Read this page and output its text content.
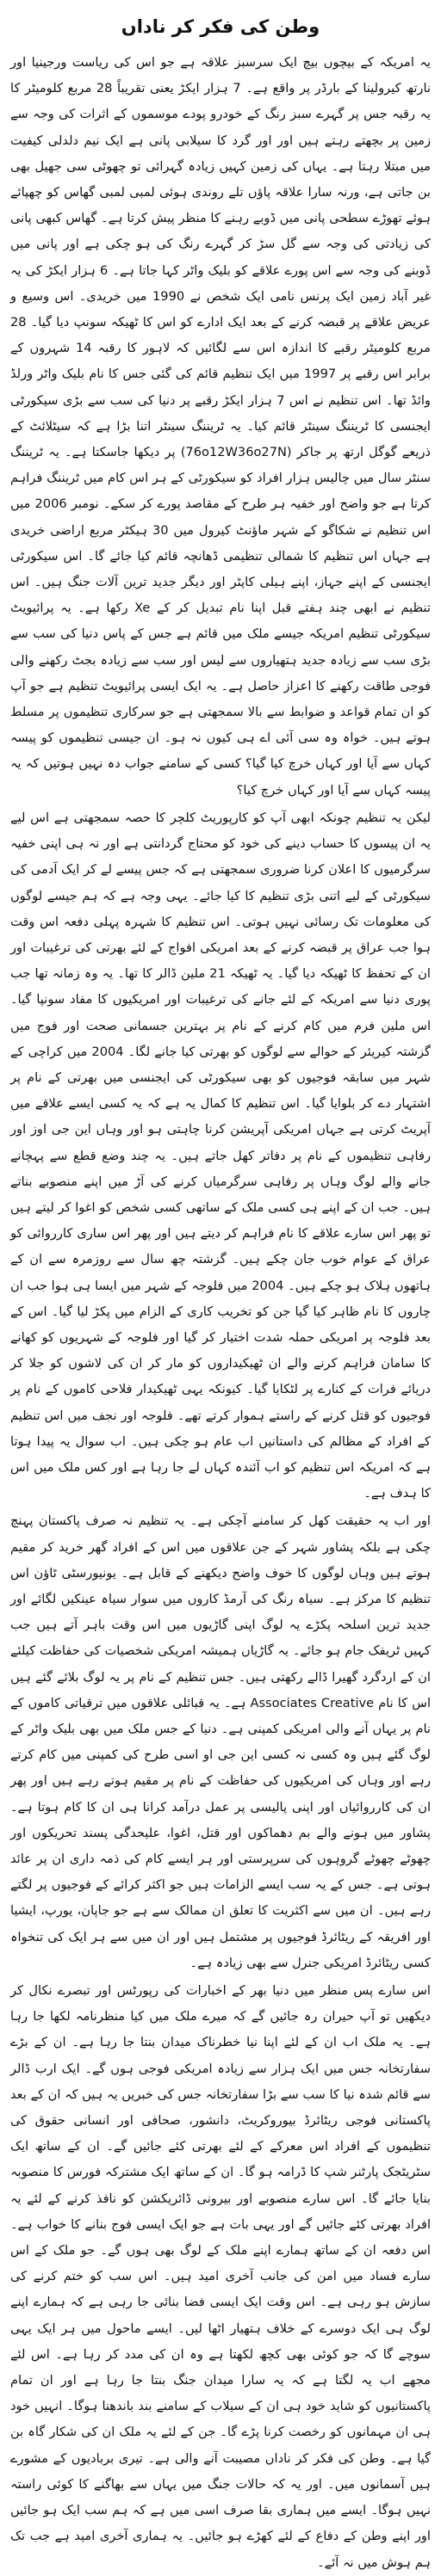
وطن کی فکر کر ناداں

یہ امریکہ کے بیچوں بیچ ایک سرسبز علاقہ ہے جو اس کی ریاست ورجینیا اور نارتھ کیرولینا کے بارڈر پر واقع ہے۔ 7 ہزار ایکڑ یعنی تقریباً 28 مربع کلومیٹر کا یہ رقبہ جس پر گہرے سبز رنگ کے خودرو پودے موسموں کے اثرات کی وجہ سے زمین پر بچھتے رہتے ہیں اور اور گرد کا سیلابی پانی ہے ایک نیم دلدلی کیفیت میں مبتلا رہتا ہے۔ یہاں کی زمین کہیں زیادہ گہرائی تو چھوٹی سی جھیل بھی بن جاتی ہے، ورنہ سارا علاقہ پاؤں تلے روندی ہوئی لمبی لمبی گھاس کو چھپائے ہوئے تھوڑے سطحی پانی میں ڈوبے رہنے کا منظر پیش کرتا ہے۔ گھاس کبھی پانی کی زیادتی کی وجہ سے گل سڑ کر گہرے رنگ کی ہو چکی ہے اور پانی میں ڈوبنے کی وجہ سے اس پورے علاقے کو بلیک واٹر کہا جاتا ہے۔ 6 ہزار ایکڑ کی یہ غیر آباد زمین ایک پرنس نامی ایک شخص نے 1990 میں خریدی۔ اس وسیع و عریض علاقے پر قبضہ کرنے کے بعد ایک ادارے کو اس کا ٹھیکہ سونپ دیا گیا۔ 28 مربع کلومیٹر رقبے کا اندازہ اس سے لگائیں کہ لاہور کا رقبہ 14 شہروں کے برابر اس رقبے پر 1997 میں ایک تنظیم قائم کی گئی جس کا نام بلیک واٹر ورلڈ وائڈ تھا۔ اس تنظیم نے اس 7 ہزار ایکڑ رقبے پر دنیا کی سب سے بڑی سیکورٹی ایجنسی کا ٹریننگ سینٹر قائم کیا۔ یہ ٹریننگ سینٹر اتنا بڑا ہے کہ سیٹلائٹ کے ذریعے گوگل ارتھ پر جاکر (76o12W36o27N) پر دیکھا جاسکتا ہے۔ یہ ٹریننگ سنٹر سال میں چالیس ہزار افراد کو سیکورٹی کے ہر اس کام میں ٹریننگ فراہم کرتا ہے جو واضح اور خفیہ ہر طرح کے مقاصد پورے کر سکے۔ نومبر 2006 میں اس تنظیم نے شکاگو کے شہر ماؤنٹ کیرول میں 30 ہیکٹر مربع اراضی خریدی ہے جہاں اس تنظیم کا شمالی تنظیمی ڈھانچہ قائم کیا جائے گا۔ اس سیکورٹی ایجنسی کے اپنے جہاز، اپنے ہیلی کاپٹر اور دیگر جدید ترین آلات جنگ ہیں۔ اس تنظیم نے ابھی چند ہفتے قبل اپنا نام تبدیل کر کے Xe رکھا ہے۔ یہ پرائیویٹ سیکورٹی تنظیم امریکہ جیسے ملک میں قائم ہے جس کے پاس دنیا کی سب سے بڑی سب سے زیادہ جدید ہتھیاروں سے لیس اور سب سے زیادہ بجٹ رکھنے والی فوجی طاقت رکھنے کا اعزاز حاصل ہے۔ یہ ایک ایسی پرائیویٹ تنظیم ہے جو آپ کو ان تمام قواعد و ضوابط سے بالا سمجھتی ہے جو سرکاری تنظیموں پر مسلط ہوتے ہیں۔ خواہ وہ سی آئی اے ہی کیوں نہ ہو۔ ان جیسی تنظیموں کو پیسہ کہاں سے آیا اور کہاں خرچ کیا گیا؟ کسی کے سامنے جواب دہ نہیں ہوتیں کہ یہ پیسہ کہاں سے آیا اور کہاں خرچ کیا؟

لیکن یہ تنظیم چونکہ ابھی آپ کو کارپوریٹ کلچر کا حصہ سمجھتی ہے اس لیے یہ ان پیسوں کا حساب دینے کی خود کو محتاج گردانتی ہے اور نہ ہی اپنی خفیہ سرگرمیوں کا اعلان کرنا ضروری سمجھتی ہے کہ جس پیسے لے کر ایک آدمی کی سیکورٹی کے لیے اتنی بڑی تنظیم کا کیا جائے۔ یہی وجہ ہے کہ ہم جیسے لوگوں کی معلومات تک رسائی نہیں ہوتی۔ اس تنظیم کا شہرہ پہلی دفعہ اس وقت ہوا جب عراق پر قبضہ کرنے کے بعد امریکی افواج کے لئے بھرتی کی ترغیبات اور ان کے تحفظ کا ٹھیکہ دیا گیا۔ یہ ٹھیکہ 21 ملین ڈالر کا تھا۔ یہ وہ زمانہ تھا جب پوری دنیا سے امریکہ کے لئے جانے کی ترغیبات اور امریکیوں کا مفاد سونپا گیا۔ اس ملین فرم میں کام کرنے کے نام پر بہترین جسمانی صحت اور فوج میں گزشتہ کیریئر کے حوالے سے لوگوں کو بھرتی کیا جانے لگا۔ 2004 میں کراچی کے شہر میں سابقہ فوجیوں کو بھی سیکورٹی کی ایجنسی میں بھرتی کے نام پر اشتہار دے کر بلوایا گیا۔ اس تنظیم کا کمال یہ ہے کہ یہ کسی ایسے علاقے میں آپریٹ کرتی ہے جہاں امریکی آپریشن کرنا چاہتی ہو اور وہاں این جی اوز اور رفاہی تنظیموں کے نام پر دفاتر کھل جاتے ہیں۔ یہ چند وضع قطع سے پہچانے جانے والے لوگ وہاں پر رفاہی سرگرمیاں کرنے کی آڑ میں اپنے منصوبے بناتے ہیں۔ جب ان کے اپنے ہی کسی ملک کے ساتھی کسی شخص کو اغوا کر لیتے ہیں تو پھر اس سارے علاقے کا نام فراہم کر دیتے ہیں اور پھر اس ساری کارروائی کو عراق کے عوام خوب جان چکے ہیں۔ گزشتہ چھ سال سے روزمرہ سے ان کے ہاتھوں ہلاک ہو چکے ہیں۔ 2004 میں فلوجہ کے شہر میں ایسا ہی ہوا جب ان چاروں کا نام ظاہر کیا گیا جن کو تخریب کاری کے الزام میں پکڑ لیا گیا۔ اس کے بعد فلوجہ پر امریکی حملہ شدت اختیار کر گیا اور فلوجہ کے شہریوں کو کھانے کا سامان فراہم کرنے والے ان ٹھیکیداروں کو مار کر ان کی لاشوں کو جلا کر دریائے فرات کے کنارے پر لٹکایا گیا۔ کیونکہ یہی ٹھیکیدار فلاحی کاموں کے نام پر فوجیوں کو قتل کرنے کے راستے ہموار کرتے تھے۔ فلوجہ اور نجف میں اس تنظیم کے افراد کے مظالم کی داستانیں اب عام ہو چکی ہیں۔ اب سوال یہ پیدا ہوتا ہے کہ امریکہ اس تنظیم کو اب آئندہ کہاں لے جا رہا ہے اور کس ملک میں اس کا ہدف ہے۔

اور اب یہ حقیقت کھل کر سامنے آچکی ہے۔ یہ تنظیم نہ صرف پاکستان پہنچ چکی ہے بلکہ پشاور شہر کے جن علاقوں میں اس کے افراد گھر خرید کر مقیم ہوتے ہیں وہاں لوگوں کا خوف واضح دیکھنے کے قابل ہے۔ یونیورسٹی ٹاؤن اس تنظیم کا مرکز ہے۔ سیاہ رنگ کی آرمڈ کاروں میں سوار سیاہ عینکیں لگائے اور جدید ترین اسلحہ پکڑے یہ لوگ اپنی گاڑیوں میں اس وقت باہر آتے ہیں جب کہیں ٹریفک جام ہو جائے۔ یہ گاڑیاں ہمیشہ امریکی شخصیات کی حفاظت کیلئے ان کے اردگرد گھیرا ڈالے رکھتی ہیں۔ جس تنظیم کے نام پر یہ لوگ بلائے گئے ہیں اس کا نام Associates Creative ہے۔ یہ قبائلی علاقوں میں ترقیاتی کاموں کے نام پر یہاں آنے والی امریکی کمپنی ہے۔ دنیا کے جس ملک میں بھی بلیک واٹر کے لوگ گئے ہیں وہ کسی نہ کسی این جی او اسی طرح کی کمپنی میں کام کرتے رہے اور وہاں کی امریکیوں کی حفاظت کے نام پر مقیم ہوتے رہے ہیں اور پھر ان کی کارروائیاں اور اپنی پالیسی پر عمل درآمد کرانا ہی ان کا کام ہوتا ہے۔ پشاور میں ہونے والے بم دھماکوں اور قتل، اغوا، علیحدگی پسند تحریکوں اور چھوٹے چھوٹے گروہوں کی سرپرستی اور ہر ایسے کام کی ذمہ داری ان پر عائد ہوتی ہے۔ جس کے یہ سب ایسے الزامات ہیں جو اکثر کرائے کے فوجیوں پر لگتے رہے ہیں۔ ان میں سے اکثریت کا تعلق ان ممالک سے ہے جو جاپان، یورپ، ایشیا اور افریقہ کے ریٹائرڈ فوجیوں پر مشتمل ہیں اور ان میں سے ہر ایک کی تنخواہ کسی ریٹائرڈ امریکی جنرل سے بھی زیادہ ہے۔

اس سارے پس منظر میں دنیا بھر کے اخبارات کی رپورٹس اور تبصرے نکال کر دیکھیں تو آپ حیران رہ جائیں گے کہ میرے ملک میں کیا منظرنامہ لکھا جا رہا ہے۔ یہ ملک اب ان کے لئے اپنا نیا خطرناک میدان بنتا جا رہا ہے۔ ان کے بڑے سفارتخانہ جس میں ایک ہزار سے زیادہ امریکی فوجی ہوں گے۔ ایک ارب ڈالر سے قائم شدہ نیا کا سب سے بڑا سفارتخانہ جس کی خبریں یہ ہیں کہ ان کے بعد پاکستانی فوجی ریٹائرڈ بیوروکریٹ، دانشور، صحافی اور انسانی حقوق کی تنظیموں کے افراد اس معرکے کے لئے بھرتی کئے جائیں گے۔ ان کے ساتھ ایک سٹریٹجک پارٹنر شپ کا ڈرامہ ہو گا۔ ان کے ساتھ ایک مشترکہ فورس کا منصوبہ بنایا جائے گا۔ اس سارے منصوبے اور بیرونی ڈائریکشن کو نافذ کرنے کے لئے یہ افراد بھرتی کئے جائیں گے اور یہی بات ہے جو ایک ایسی فوج بنانے کا خواب ہے۔ اس دفعہ ان کے ساتھ ہمارے اپنے ملک کے لوگ بھی ہوں گے۔ جو ملک کے اس سارے فساد میں امن کی جانب آخری امید ہیں۔ اس سب کو ختم کرنے کی سازش ہو رہی ہے۔ اس وقت ایک ایسی فضا بنائی جا رہی ہے کہ ہمارے اپنے لوگ ہی ایک دوسرے کے خلاف ہتھیار اٹھا لیں۔ ایسے ماحول میں ہر ایک یہی سوچے گا کہ جو کوئی بھی کچھ لکھتا ہے وہ ان کی مدد کر رہا ہے۔ اس لئے مجھے اب یہ لگتا ہے کہ یہ سارا میدان جنگ بنتا جا رہا ہے اور ان تمام پاکستانیوں کو شاید خود ہی ان کے سیلاب کے سامنے بند باندھنا ہوگا۔ انہیں خود ہی ان مہمانوں کو رخصت کرنا پڑے گا۔ جن کے لئے یہ ملک ان کی شکار گاہ بن گیا ہے۔ وطن کی فکر کر ناداں مصیبت آنے والی ہے۔ تیری بربادیوں کے مشورے ہیں آسمانوں میں۔ اور یہ کہ حالات جنگ میں یہاں سے بھاگنے کا کوئی راستہ نہیں ہوگا۔ ایسے میں ہماری بقا صرف اسی میں ہے کہ ہم سب ایک ہو جائیں اور اپنے وطن کے دفاع کے لئے کھڑے ہو جائیں۔ یہ ہماری آخری امید ہے جب تک ہم ہوش میں نہ آئے۔
